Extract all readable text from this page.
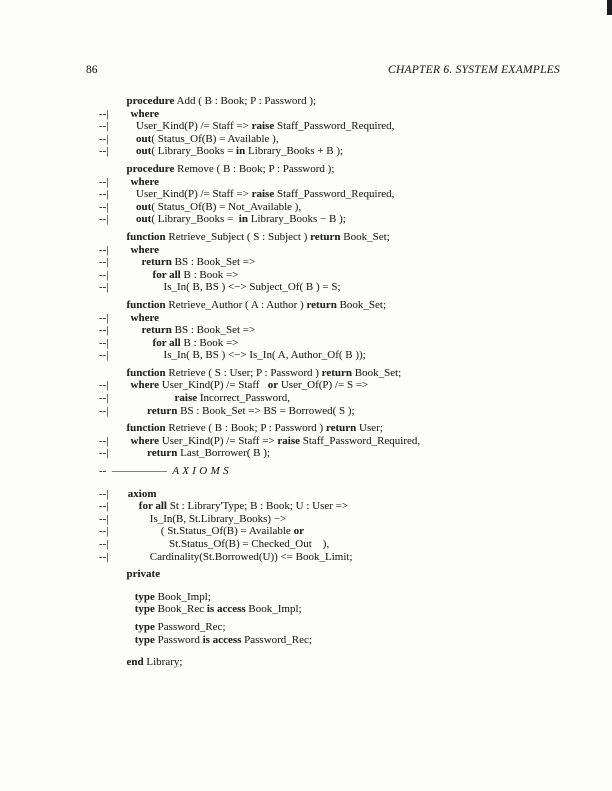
86	CHAPTER 6. SYSTEM EXAMPLES
procedure Add ( B : Book; P : Password );
--|        where
--|          User_Kind(P) /= Staff => raise Staff_Password_Required,
--|          out( Status_Of(B) = Available ),
--|          out( Library_Books = in Library_Books + B );
procedure Remove ( B : Book; P : Password );
--|        where
--|          User_Kind(P) /= Staff => raise Staff_Password_Required,
--|          out( Status_Of(B) = Not_Available ),
--|          out( Library_Books =  in Library_Books − B );
function Retrieve_Subject ( S : Subject ) return Book_Set;
--|        where
--|            return BS : Book_Set =>
--|                for all B : Book =>
--|                    Is_In( B, BS ) <−> Subject_Of( B ) = S;
function Retrieve_Author ( A : Author ) return Book_Set;
--|        where
--|            return BS : Book_Set =>
--|                for all B : Book =>
--|                    Is_In( B, BS ) <−> Is_In( A, Author_Of( B ));
function Retrieve ( S : User; P : Password ) return Book_Set;
--|        where User_Kind(P) /= Staff   or User_Of(P) /= S =>
--|                        raise Incorrect_Password,
--|              return BS : Book_Set => BS = Borrowed( S );
function Retrieve ( B : Book; P : Password ) return User;
--|        where User_Kind(P) /= Staff => raise Staff_Password_Required,
--|              return Last_Borrower( B );
--  —————  A X I O M S
--|       axiom
--|           for all St : Library'Type; B : Book; U : User =>
--|               Is_In(B, St.Library_Books) −>
--|                   ( St.Status_Of(B) = Available or
--|                      St.Status_Of(B) = Checked_Out    ),
--|               Cardinality(St.Borrowed(U)) <= Book_Limit;
private
type Book_Impl;
type Book_Rec is access Book_Impl;
type Password_Rec;
type Password is access Password_Rec;
end Library;
